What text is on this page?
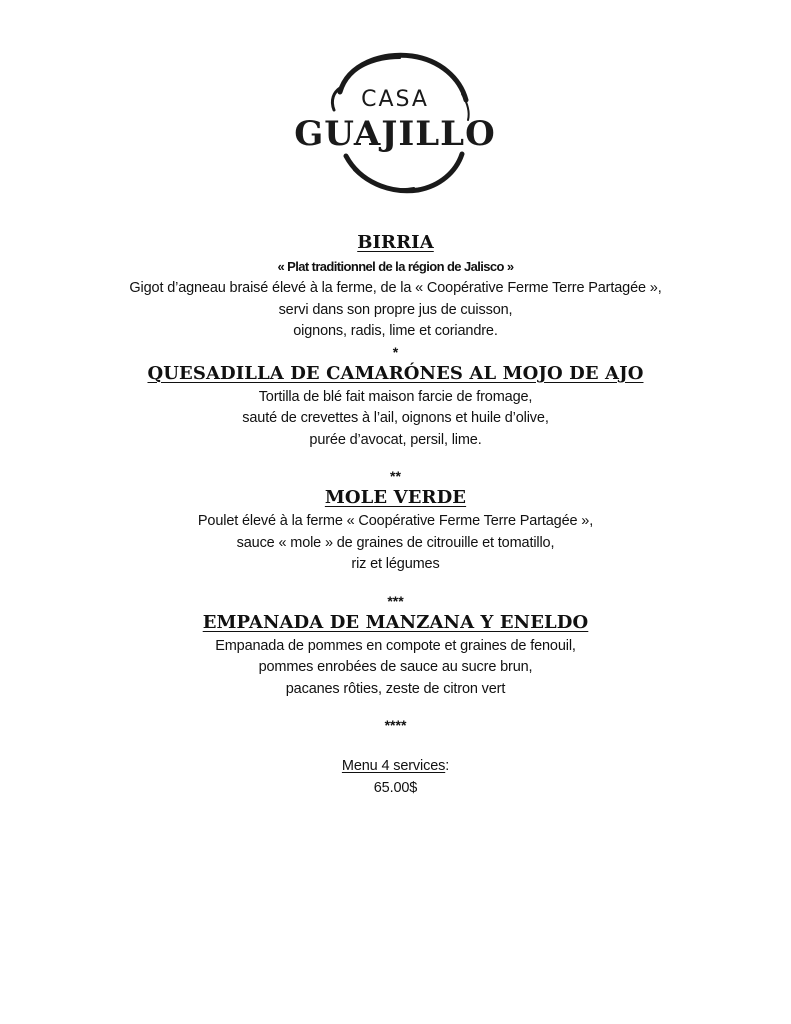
CASA
GUAJILLO
BIRRIA
« Plat traditionnel de la région de Jalisco »
Gigot d’agneau braisé élevé à la ferme, de la « Coopérative Ferme Terre Partagée »,
servi dans son propre jus de cuisson,
oignons, radis, lime et coriandre.
*
QUESADILLA DE CAMARÓNES AL MOJO DE AJO
Tortilla de blé fait maison farcie de fromage,
sauté de crevettes à l’ail, oignons et huile d’olive,
purée d’avocat, persil, lime.
**
MOLE VERDE
Poulet élevé à la ferme « Coopérative Ferme Terre Partagée »,
sauce « mole » de graines de citrouille et tomatillo,
riz et légumes
***
EMPANADA DE MANZANA Y ENELDO
Empanada de pommes en compote et graines de fenouil,
pommes enrobées de sauce au sucre brun,
pacanes rôties, zeste de citron vert
****
Menu 4 services:
65.00$
